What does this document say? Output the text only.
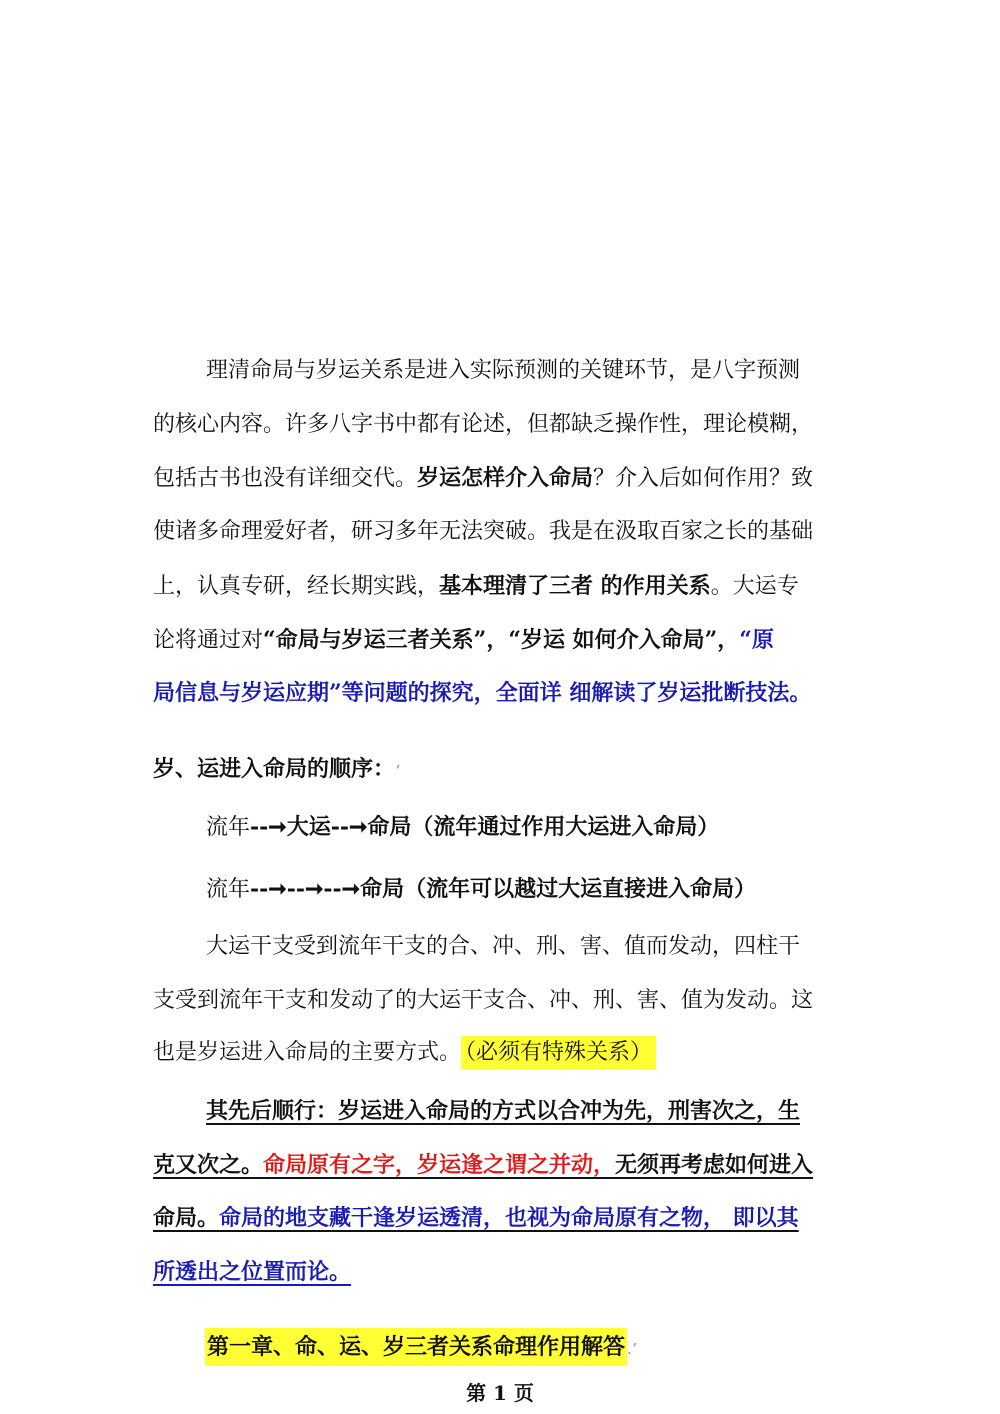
理清命局与岁运关系是进入实际预测的关键环节，是八字预测
的核心内容。许多八字书中都有论述，但都缺乏操作性，理论模糊，
包括古书也没有详细交代。岁运怎样介入命局？介入后如何作用？致
使诸多命理爱好者，研习多年无法突破。我是在汲取百家之长的基础
上，认真专研，经长期实践，基本理清了三者 的作用关系。大运专
论将通过对“命局与岁运三者关系”，“岁运 如何介入命局”，“原
局信息与岁运应期”等问题的探究，全面详 细解读了岁运批断技法。
岁、运进入命局的顺序：ʼ
流年--➞大运--➞命局（流年通过作用大运进入命局）
流年--➞--➞--➞命局（流年可以越过大运直接进入命局）
大运干支受到流年干支的合、冲、刑、害、值而发动，四柱干
支受到流年干支和发动了的大运干支合、冲、刑、害、值为发动。这
也是岁运进入命局的主要方式。 （必须有特殊关系）
其先后顺行：岁运进入命局的方式以合冲为先，刑害次之，生
克又次之。命局原有之字，岁运逢之谓之并动，无须再考虑如何进入
命局。命局的地支藏干逢岁运透清，也视为命局原有之物， 即以其
所透出之位置而论。
第一章、命、运、岁三者关系命理作用解答 .ʼ
第 1 页
